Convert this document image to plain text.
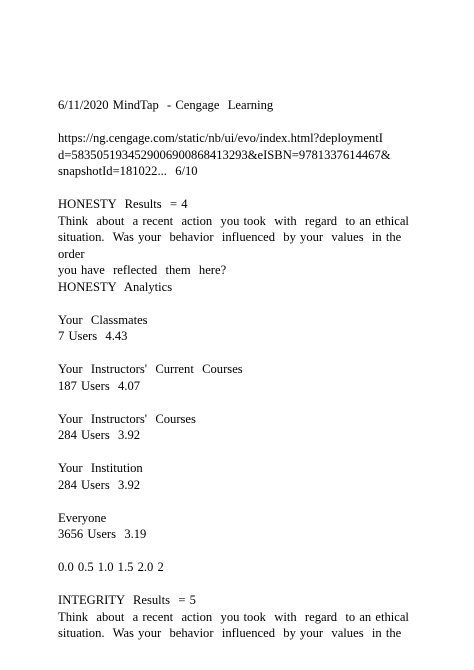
6/11/2020 MindTap  - Cengage  Learning
https://ng.cengage.com/static/nb/ui/evo/index.html?deploymentI
d=5835051934529006900868413293&eISBN=9781337614467&
snapshotId=181022...  6/10
HONESTY  Results  = 4
Think  about  a recent  action  you took  with  regard  to an ethical
situation.  Was your  behavior  influenced  by your  values  in the
order
you have  reflected  them  here?
HONESTY  Analytics
Your  Classmates
7 Users  4.43
Your  Instructors'  Current  Courses
187 Users  4.07
Your  Instructors'  Courses
284 Users  3.92
Your  Institution
284 Users  3.92
Everyone
3656 Users  3.19
0.0 0.5 1.0 1.5 2.0 2
INTEGRITY  Results  = 5
Think  about  a recent  action  you took  with  regard  to an ethical
situation.  Was your  behavior  influenced  by your  values  in the
